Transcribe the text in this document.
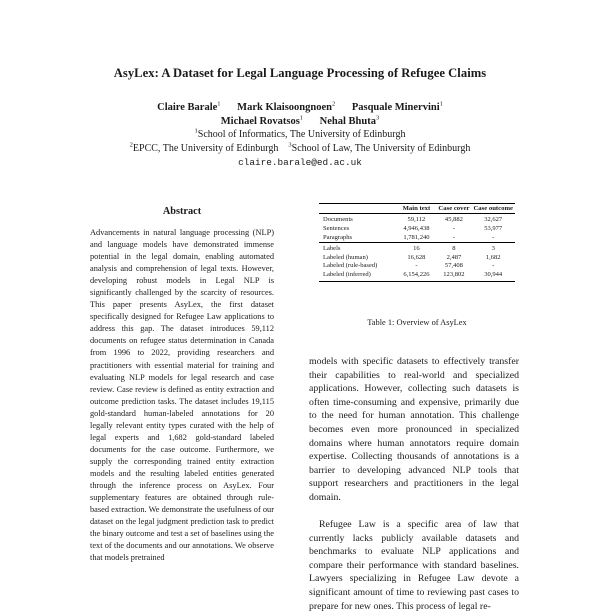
AsyLex: A Dataset for Legal Language Processing of Refugee Claims
Claire Barale$^1$ Mark Klaisoongnoen$^2$ Pasquale Minervini$^1$
Michael Rovatsos$^1$ Nehal Bhuta$^3$
$^1$School of Informatics, The University of Edinburgh
$^2$EPCC, The University of Edinburgh $^3$School of Law, The University of Edinburgh
claire.barale@ed.ac.uk
Abstract

Advancements in natural language processing (NLP) and language models have demonstrated immense potential in the legal domain, enabling automated analysis and comprehension of legal texts. However, developing robust models in Legal NLP is significantly challenged by the scarcity of resources. This paper presents AsyLex, the first dataset specifically designed for Refugee Law applications to address this gap. The dataset introduces 59,112 documents on refugee status determination in Canada from 1996 to 2022, providing researchers and practitioners with essential material for training and evaluating NLP models for legal research and case review. Case review is defined as entity extraction and outcome prediction tasks. The dataset includes 19,115 gold-standard human-labeled annotations for 20 legally relevant entity types curated with the help of legal experts and 1,682 gold-standard labeled documents for the case outcome. Furthermore, we supply the corresponding trained entity extraction models and the resulting labeled entities generated through the inference process on AsyLex. Four supplementary features are obtained through rule-based extraction. We demonstrate the usefulness of our dataset on the legal judgment prediction task to predict the binary outcome and test a set of baselines using the text of the documents and our annotations. We observe that models pretrained

	Main text	Case cover	Case outcome
Documents	59,112	45,882	32,627
Sentences	4,946,438	-	53,977
Paragraphs	1,781,240	-	-
Labels	16	8	3
Labeled (human)	16,628	2,487	1,682
Labeled (rule-based)	-	57,408	-
Labeled (inferred)	6,154,226	123,802	30,944
Table 1: Overview of AsyLex

models with specific datasets to effectively transfer their capabilities to real-world and specialized applications. However, collecting such datasets is often time-consuming and expensive, primarily due to the need for human annotation. This challenge becomes even more pronounced in specialized domains where human annotators require domain expertise. Collecting thousands of annotations is a barrier to developing advanced NLP tools that support researchers and practitioners in the legal domain.

Refugee Law is a specific area of law that currently lacks publicly available datasets and benchmarks to evaluate NLP applications and compare their performance with standard baselines. Lawyers specializing in Refugee Law devote a significant amount of time to reviewing past cases to prepare for new ones. This process of legal re-
